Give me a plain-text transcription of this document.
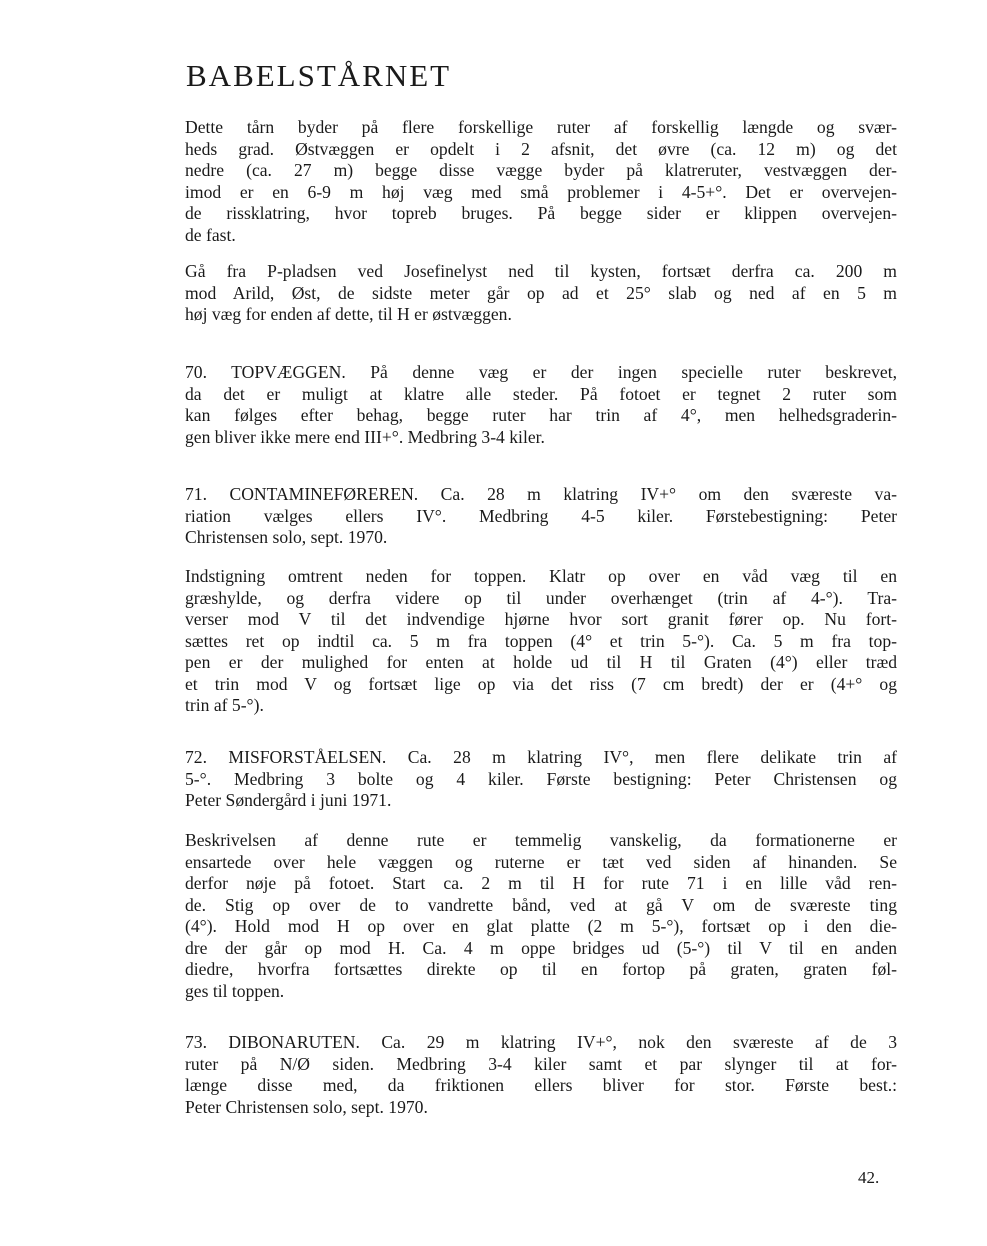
BABELSTÅRNET
Dette tårn byder på flere forskellige ruter af forskellig længde og svær-
heds grad. Østvæggen er opdelt i 2 afsnit, det øvre (ca. 12 m) og det
nedre (ca. 27 m) begge disse vægge byder på klatreruter, vestvæggen der-
imod er en 6-9 m høj væg med små problemer i 4-5+°. Det er overvejen-
de rissklatring, hvor topreb bruges. På begge sider er klippen overvejen-
de fast.
Gå fra P-pladsen ved Josefinelyst ned til kysten, fortsæt derfra ca. 200 m
mod Arild, Øst, de sidste meter går op ad et 25° slab og ned af en 5 m
høj væg for enden af dette, til H er østvæggen.
70. TOPVÆGGEN. På denne væg er der ingen specielle ruter beskrevet,
da det er muligt at klatre alle steder. På fotoet er tegnet 2 ruter som
kan følges efter behag, begge ruter har trin af 4°, men helhedsgraderin-
gen bliver ikke mere end III+°. Medbring 3-4 kiler.
71. CONTAMINEFØREREN. Ca. 28 m klatring IV+° om den sværeste va-
riation vælges ellers IV°. Medbring 4-5 kiler. Førstebestigning: Peter
Christensen solo, sept. 1970.
Indstigning omtrent neden for toppen. Klatr op over en våd væg til en
græshylde, og derfra videre op til under overhænget (trin af 4-°). Tra-
verser mod V til det indvendige hjørne hvor sort granit fører op. Nu fort-
sættes ret op indtil ca. 5 m fra toppen (4° et trin 5-°). Ca. 5 m fra top-
pen er der mulighed for enten at holde ud til H til Graten (4°) eller træd
et trin mod V og fortsæt lige op via det riss (7 cm bredt) der er (4+° og
trin af 5-°).
72. MISFORSTÅELSEN. Ca. 28 m klatring IV°, men flere delikate trin af
5-°. Medbring 3 bolte og 4 kiler. Første bestigning: Peter Christensen og
Peter Søndergård i juni 1971.
Beskrivelsen af denne rute er temmelig vanskelig, da formationerne er
ensartede over hele væggen og ruterne er tæt ved siden af hinanden. Se
derfor nøje på fotoet. Start ca. 2 m til H for rute 71 i en lille våd ren-
de. Stig op over de to vandrette bånd, ved at gå V om de sværeste ting
(4°). Hold mod H op over en glat platte (2 m 5-°), fortsæt op i den die-
dre der går op mod H. Ca. 4 m oppe bridges ud (5-°) til V til en anden
diedre, hvorfra fortsættes direkte op til en fortop på graten, graten føl-
ges til toppen.
73. DIBONARUTEN. Ca. 29 m klatring IV+°, nok den sværeste af de 3
ruter på N/Ø siden. Medbring 3-4 kiler samt et par slynger til at for-
længe disse med, da friktionen ellers bliver for stor. Første best.:
Peter Christensen solo, sept. 1970.
42.
